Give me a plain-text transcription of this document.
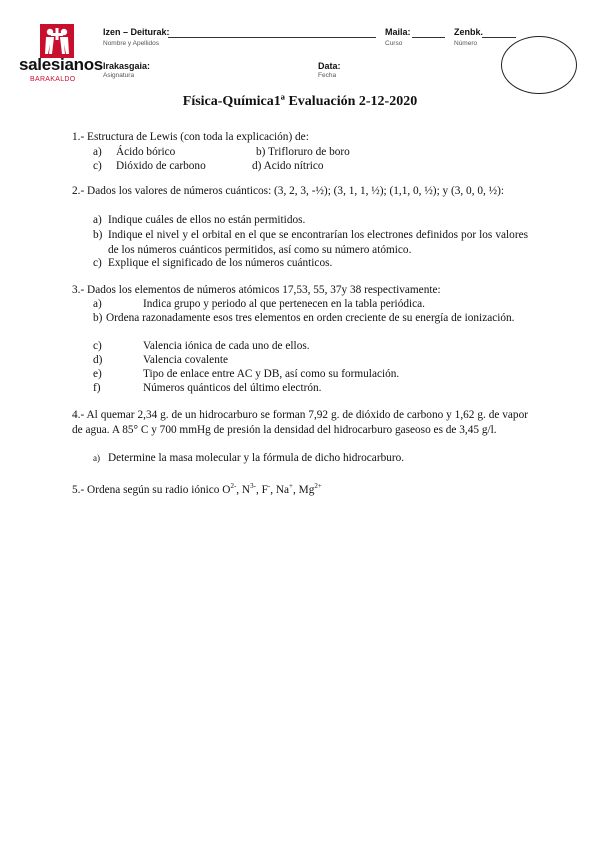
salesianos
BARAKALDO
Izen – Deiturak:
Nombre y Apellidos
Maila:
Curso
Zenbk.
Número
Irakasgaia:
Asignatura
Data:
Fecha
Física-Química1ª Evaluación 2-12-2020
1.- Estructura de Lewis (con toda la explicación) de:
a) Ácido bórico	b) Trifloruro de boro
c) Dióxido de carbono	d) Acido nítrico
2.- Dados los valores de números cuánticos: (3, 2, 3, -½); (3, 1, 1, ½); (1,1, 0, ½); y (3, 0, 0, ½):
a) Indique cuáles de ellos no están permitidos.
b) Indique el nivel y el orbital en el que se encontrarían los electrones definidos por los valores de los números cuánticos permitidos, así como su número atómico.
c) Explique el significado de los números cuánticos.
3.- Dados los elementos de números atómicos 17,53, 55, 37y 38 respectivamente:
a)	Indica grupo y periodo al que pertenecen en la tabla periódica.
b) Ordena razonadamente esos tres elementos en orden creciente de su energía de ionización.
c)	Valencia iónica de cada uno de ellos.
d)	Valencia covalente
e)	Tipo de enlace entre AC y DB, así como su formulación.
f)	Números quánticos del último electrón.
4.- Al quemar 2,34 g. de un hidrocarburo se forman 7,92 g. de dióxido de carbono y 1,62 g. de vapor de agua. A 85° C y 700 mmHg de presión la densidad del hidrocarburo gaseoso es de 3,45 g/l.
a) Determine la masa molecular y la fórmula de dicho hidrocarburo.
5.- Ordena según su radio iónico $O^{2-}$, $N^{3-}$, F-, Na+, $Mg^{2+}$
